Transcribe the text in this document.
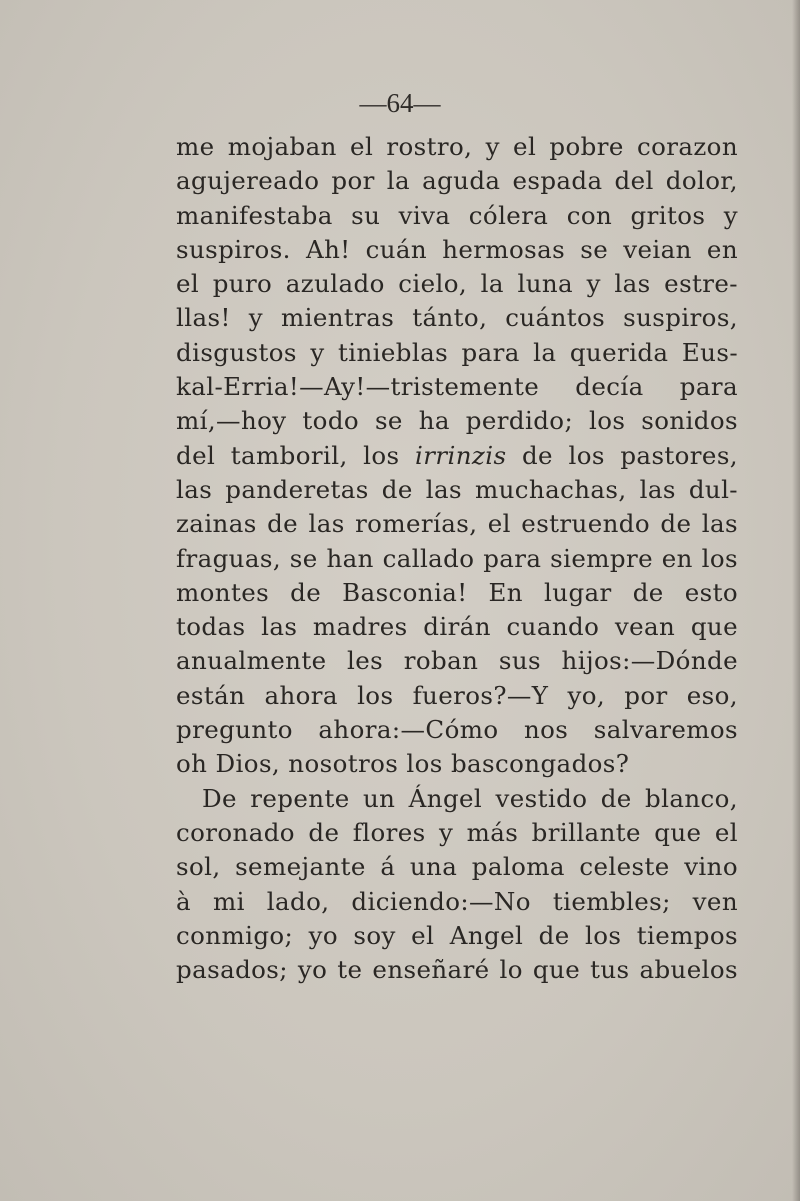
—64—
me mojaban el rostro, y el pobre corazon
agujereado por la aguda espada del dolor,
manifestaba su viva cólera con gritos y
suspiros. Ah! cuán hermosas se veian en
el puro azulado cielo, la luna y las estre-
llas! y mientras tánto, cuántos suspiros,
disgustos y tinieblas para la querida Eus-
kal-Erria!—Ay!—tristemente decía para
mí,—hoy todo se ha perdido; los sonidos
del tamboril, los irrinzis de los pastores,
las panderetas de las muchachas, las dul-
zainas de las romerías, el estruendo de las
fraguas, se han callado para siempre en los
montes de Basconia! En lugar de esto
todas las madres dirán cuando vean que
anualmente les roban sus hijos:—Dónde
están ahora los fueros?—Y yo, por eso,
pregunto ahora:—Cómo nos salvaremos
oh Dios, nosotros los bascongados?
De repente un Ángel vestido de blanco,
coronado de flores y más brillante que el
sol, semejante á una paloma celeste vino
à mi lado, diciendo:—No tiembles; ven
conmigo; yo soy el Angel de los tiempos
pasados; yo te enseñaré lo que tus abuelos
